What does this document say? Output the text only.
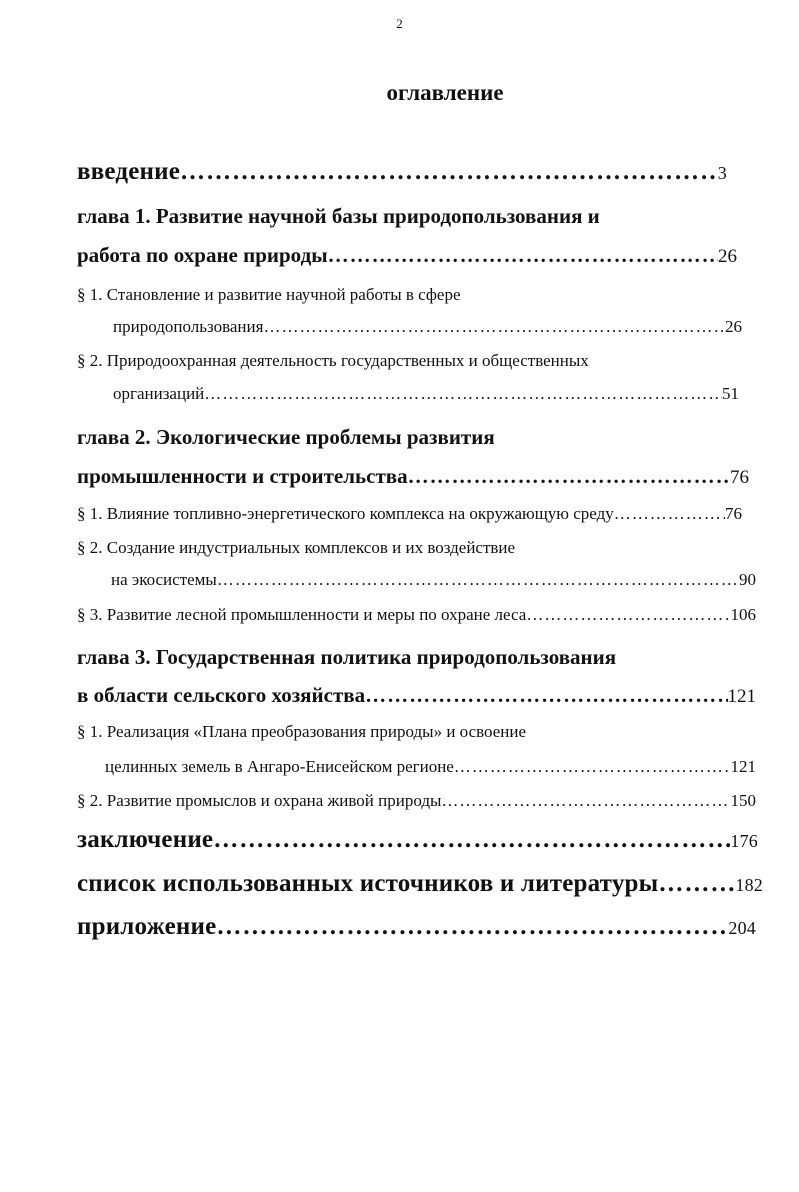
2
оглавление
введение ………………………………………………………………………………………………………………………………………………………………	3
глава 1. Развитие научной базы природопользования и
работа по охране природы ………………………………………………………………………………………………………………………………………………………………	26
§ 1. Становление и развитие научной работы в сфере
природопользования ………………………………………………………………………………………………………………………………………………………………	26
§ 2. Природоохранная деятельность государственных и общественных
организаций ………………………………………………………………………………………………………………………………………………………………	51
глава 2. Экологические проблемы развития
промышленности и строительства ………………………………………………………………………………………………………………………………………………………………	76
§ 1. Влияние топливно-энергетического комплекса на окружающую среду ………………………………………………………………………………………………………………………………………………………………	76
§ 2. Создание индустриальных комплексов и их воздействие
на экосистемы ………………………………………………………………………………………………………………………………………………………………	90
§ 3. Развитие лесной промышленности и меры по охране леса ………………………………………………………………………………………………………………………………………………………………	106
глава 3. Государственная политика природопользования
в области сельского хозяйства ………………………………………………………………………………………………………………………………………………………………	121
§ 1. Реализация «Плана преобразования природы» и освоение
целинных земель в Ангаро-Енисейском регионе ………………………………………………………………………………………………………………………………………………………………	121
§ 2. Развитие промыслов и охрана живой природы ………………………………………………………………………………………………………………………………………………………………	150
заключение ………………………………………………………………………………………………………………………………………………………………	176
список использованных источников и литературы ………………………………………………………………………………………………………………………………………………………………	182
приложение ………………………………………………………………………………………………………………………………………………………………	204
